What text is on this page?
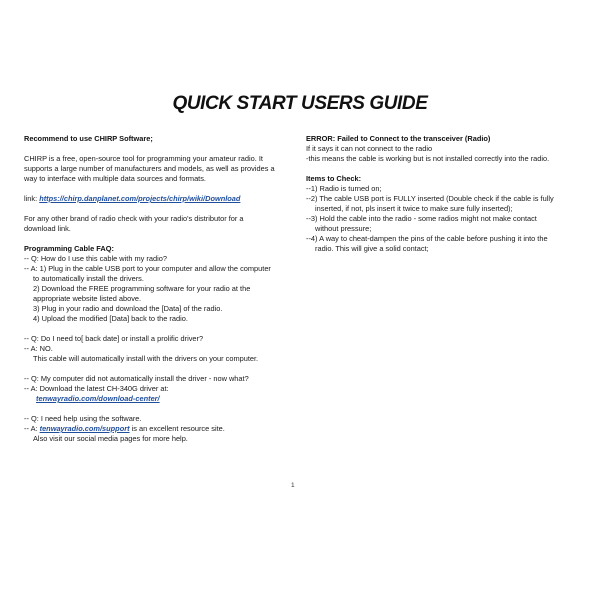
QUICK START USERS GUIDE
Recommend to use CHIRP Software;
CHIRP is a free, open-source tool for programming your amateur radio. It
supports a large number of manufacturers and models, as well as provides a
way to interface with multiple data sources and formats.
link: https://chirp.danplanet.com/projects/chirp/wiki/Download
For any other brand of radio check with your radio's distributor for a
download link.
Programming Cable FAQ:
-- Q: How do I use this cable with my radio?
-- A: 1) Plug in the cable USB port to your computer and allow the computer
to automatically install the drivers.
2) Download the FREE programming software for your radio at the
appropriate website listed above.
3) Plug in your radio and download the [Data] of the radio.
4) Upload the modified [Data] back to the radio.
-- Q: Do I need to[ back date] or install a prolific driver?
-- A: NO.
This cable will automatically install with the drivers on your computer.
-- Q: My computer did not automatically install the driver - now what?
-- A: Download the latest CH-340G driver at:
tenwayradio.com/download-center/
-- Q: I need help using the software.
-- A: tenwayradio.com/support is an excellent resource site.
Also visit our social media pages for more help.
ERROR: Failed to Connect to the transceiver (Radio)
If it says it can not connect to the radio
-this means the cable is working but is not installed correctly into the radio.
Items to Check:
--1) Radio is turned on;
--2) The cable USB port is FULLY inserted (Double check if the cable is fully
inserted, if not, pls insert it twice to make sure fully inserted);
--3) Hold the cable into the radio - some radios might not make contact
without pressure;
--4) A way to cheat-dampen the pins of the cable before pushing it into the
radio. This will give a solid contact;
1
